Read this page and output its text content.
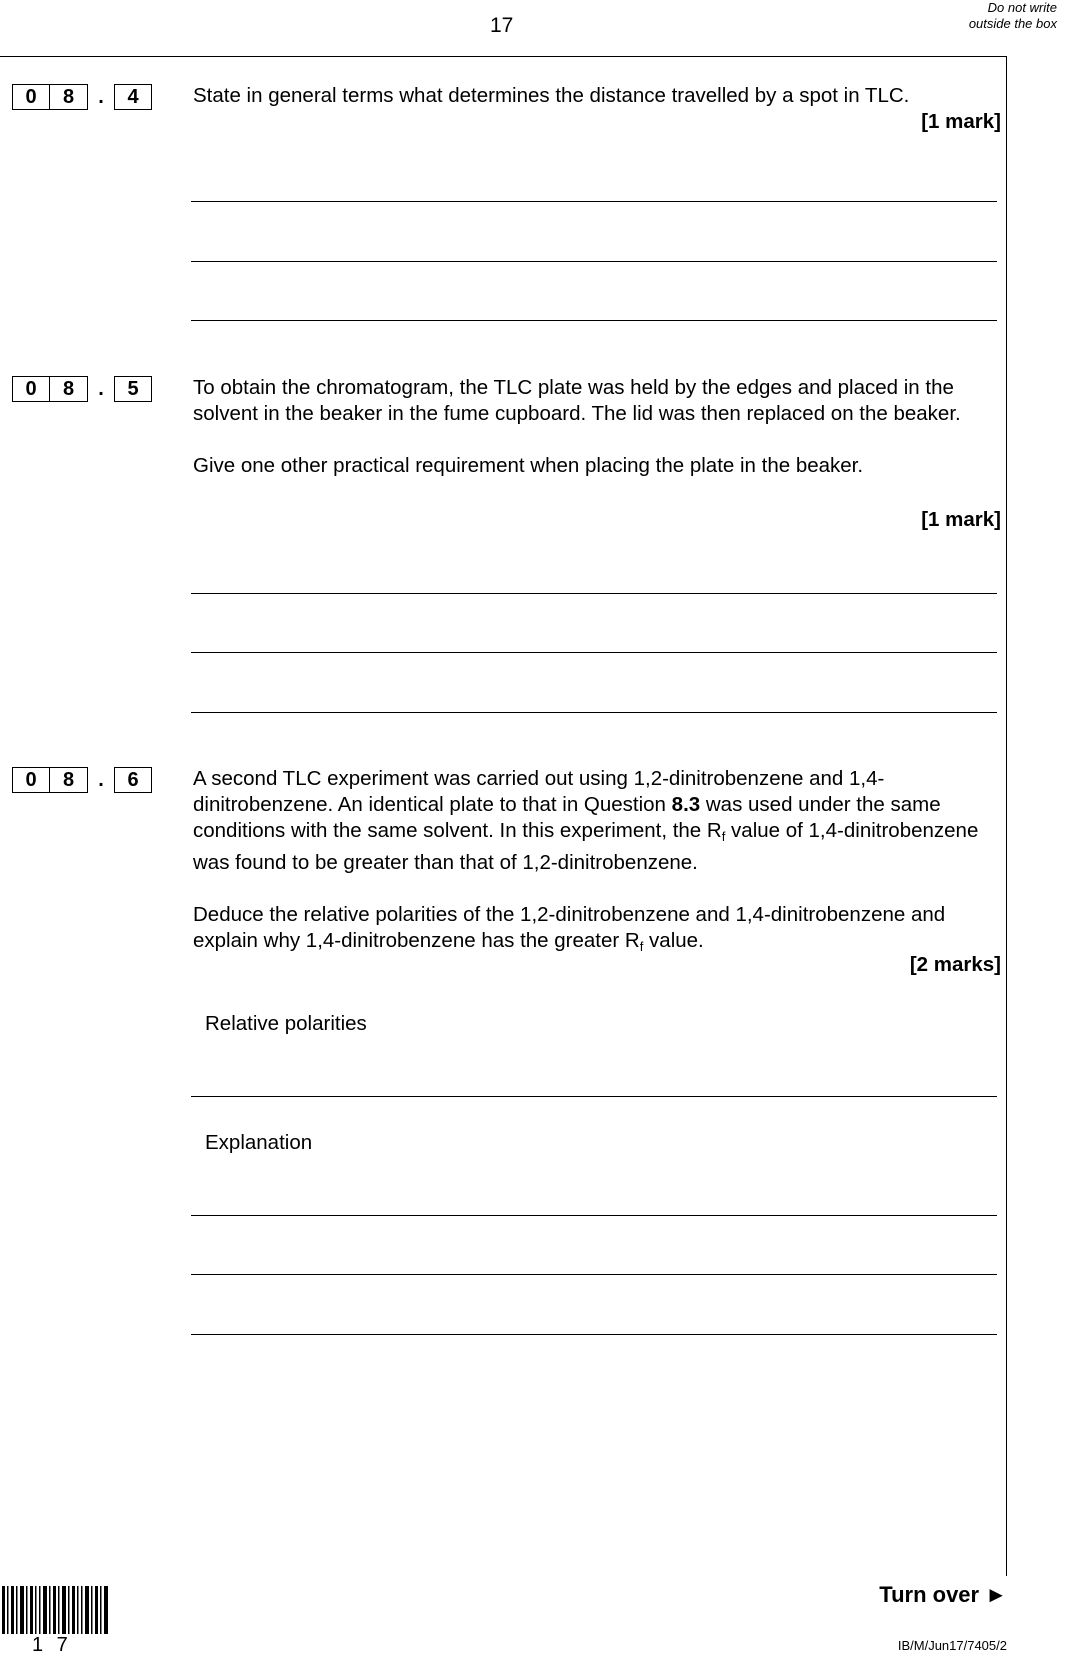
17
Do not write outside the box
0	8	.	4	State in general terms what determines the distance travelled by a spot in TLC.

[1 mark]
0	8	.	5	To obtain the chromatogram, the TLC plate was held by the edges and placed in the solvent in the beaker in the fume cupboard. The lid was then replaced on the beaker.

Give one other practical requirement when placing the plate in the beaker.

[1 mark]
0	8	.	6	A second TLC experiment was carried out using 1,2-dinitrobenzene and 1,4-dinitrobenzene. An identical plate to that in Question 8.3 was used under the same conditions with the same solvent. In this experiment, the $R_f$ value of 1,4-dinitrobenzene was found to be greater than that of 1,2-dinitrobenzene.

Deduce the relative polarities of the 1,2-dinitrobenzene and 1,4-dinitrobenzene and explain why 1,4-dinitrobenzene has the greater $R_f$ value.

[2 marks]
Relative polarities
Explanation
Turn over ►
1 7	IB/M/Jun17/7405/2
